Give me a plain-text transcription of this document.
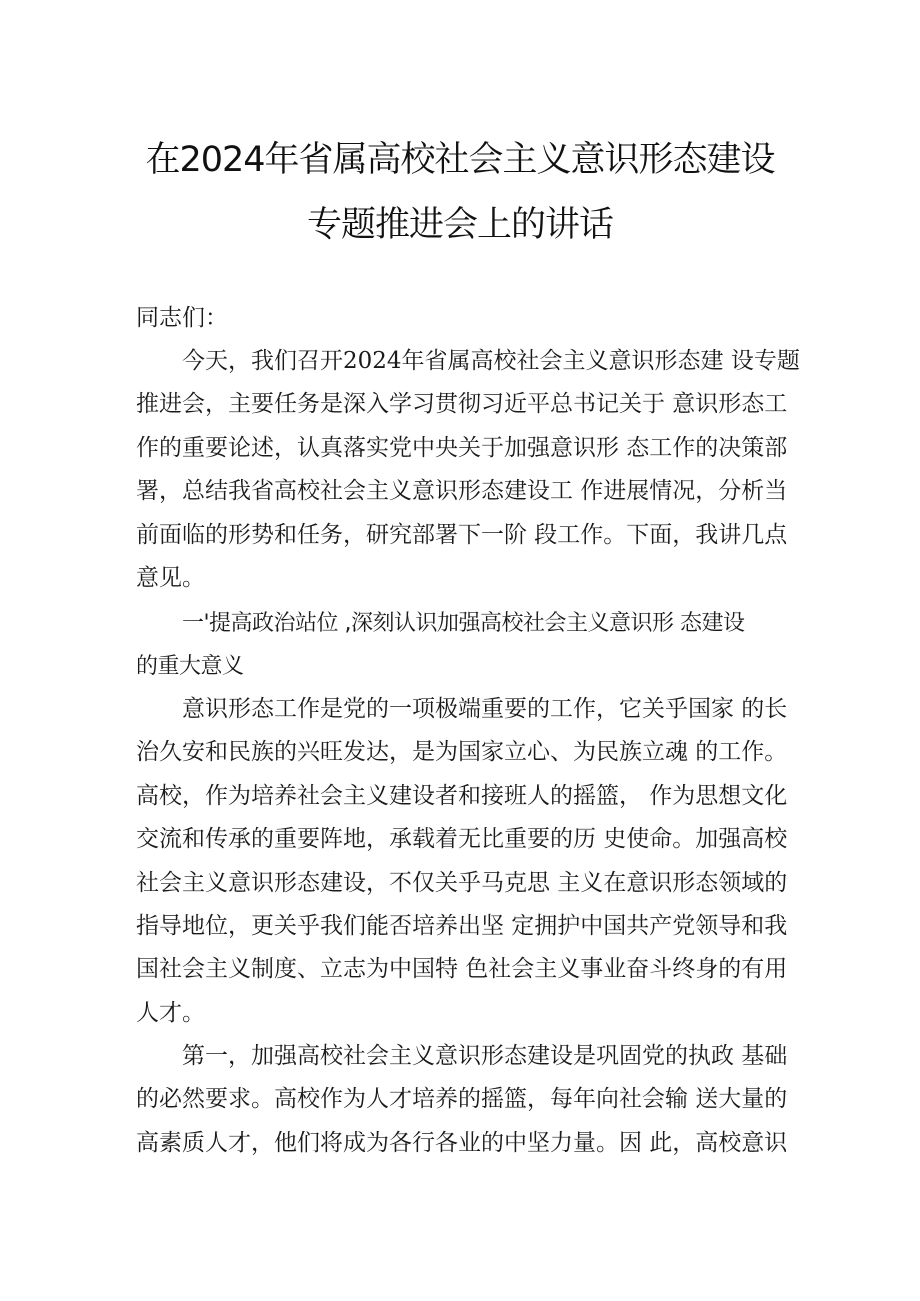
在2024年省属高校社会主义意识形态建设
专题推进会上的讲话
同志们：
今天，我们召开2024年省属高校社会主义意识形态建 设专题
推进会，主要任务是深入学习贯彻习近平总书记关于 意识形态工
作的重要论述，认真落实党中央关于加强意识形 态工作的决策部
署，总结我省高校社会主义意识形态建设工 作进展情况，分析当
前面临的形势和任务，研究部署下一阶 段工作。下面，我讲几点
意见。
一'提高政治站位 ,深刻认识加强高校社会主义意识形 态建设
的重大意义
意识形态工作是党的一项极端重要的工作，它关乎国家 的长
治久安和民族的兴旺发达，是为国家立心、为民族立魂 的工作。
高校，作为培养社会主义建设者和接班人的摇篮， 作为思想文化
交流和传承的重要阵地，承载着无比重要的历 史使命。加强高校
社会主义意识形态建设，不仅关乎马克思 主义在意识形态领域的
指导地位，更关乎我们能否培养出坚 定拥护中国共产党领导和我
国社会主义制度、立志为中国特 色社会主义事业奋斗终身的有用
人才。
第一，加强高校社会主义意识形态建设是巩固党的执政 基础
的必然要求。高校作为人才培养的摇篮，每年向社会输 送大量的
高素质人才，他们将成为各行各业的中坚力量。因 此，高校意识
